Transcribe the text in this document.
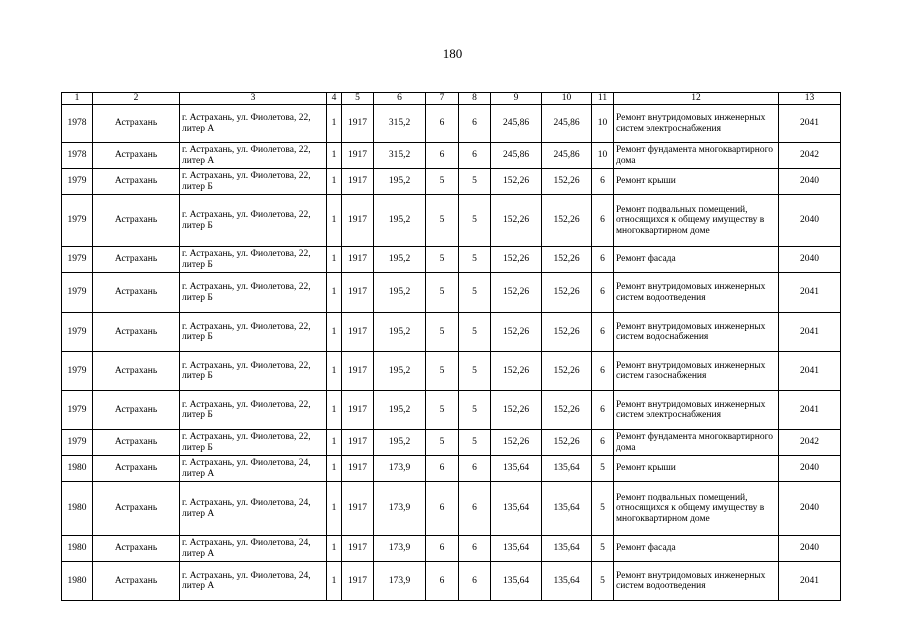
180
1	2	3	4	5	6	7	8	9	10	11	12	13
1978	Астрахань	г. Астрахань, ул. Фиолетова, 22, литер А	1	1917	315,2	6	6	245,86	245,86	10	Ремонт внутридомовых инженерных систем электроснабжения	2041
1978	Астрахань	г. Астрахань, ул. Фиолетова, 22, литер А	1	1917	315,2	6	6	245,86	245,86	10	Ремонт фундамента многоквартирного дома	2042
1979	Астрахань	г. Астрахань, ул. Фиолетова, 22, литер Б	1	1917	195,2	5	5	152,26	152,26	6	Ремонт крыши	2040
1979	Астрахань	г. Астрахань, ул. Фиолетова, 22, литер Б	1	1917	195,2	5	5	152,26	152,26	6	Ремонт подвальных помещений, относящихся к общему имуществу в многоквартирном доме	2040
1979	Астрахань	г. Астрахань, ул. Фиолетова, 22, литер Б	1	1917	195,2	5	5	152,26	152,26	6	Ремонт фасада	2040
1979	Астрахань	г. Астрахань, ул. Фиолетова, 22, литер Б	1	1917	195,2	5	5	152,26	152,26	6	Ремонт внутридомовых инженерных систем водоотведения	2041
1979	Астрахань	г. Астрахань, ул. Фиолетова, 22, литер Б	1	1917	195,2	5	5	152,26	152,26	6	Ремонт внутридомовых инженерных систем водоснабжения	2041
1979	Астрахань	г. Астрахань, ул. Фиолетова, 22, литер Б	1	1917	195,2	5	5	152,26	152,26	6	Ремонт внутридомовых инженерных систем газоснабжения	2041
1979	Астрахань	г. Астрахань, ул. Фиолетова, 22, литер Б	1	1917	195,2	5	5	152,26	152,26	6	Ремонт внутридомовых инженерных систем электроснабжения	2041
1979	Астрахань	г. Астрахань, ул. Фиолетова, 22, литер Б	1	1917	195,2	5	5	152,26	152,26	6	Ремонт фундамента многоквартирного дома	2042
1980	Астрахань	г. Астрахань, ул. Фиолетова, 24, литер А	1	1917	173,9	6	6	135,64	135,64	5	Ремонт крыши	2040
1980	Астрахань	г. Астрахань, ул. Фиолетова, 24, литер А	1	1917	173,9	6	6	135,64	135,64	5	Ремонт подвальных помещений, относящихся к общему имуществу в многоквартирном доме	2040
1980	Астрахань	г. Астрахань, ул. Фиолетова, 24, литер А	1	1917	173,9	6	6	135,64	135,64	5	Ремонт фасада	2040
1980	Астрахань	г. Астрахань, ул. Фиолетова, 24, литер А	1	1917	173,9	6	6	135,64	135,64	5	Ремонт внутридомовых инженерных систем водоотведения	2041
